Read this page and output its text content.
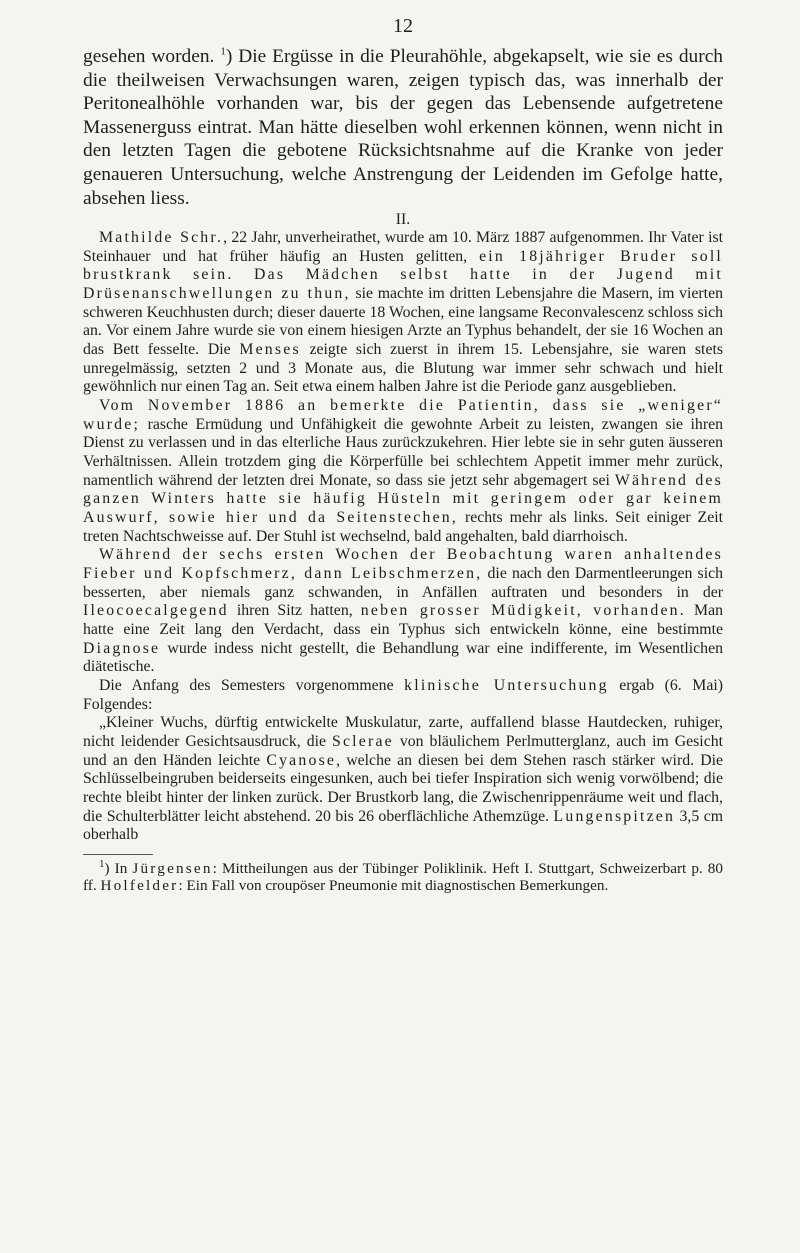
12

gesehen worden. $^1$) Die Ergüsse in die Pleurahöhle, abgekapselt, wie sie es durch die theilweisen Verwachsungen waren, zeigen typisch das, was innerhalb der Peritonealhöhle vorhanden war, bis der gegen das Lebensende aufgetretene Massenerguss eintrat. Man hätte dieselben wohl erkennen können, wenn nicht in den letzten Tagen die gebotene Rücksichtsnahme auf die Kranke von jeder genaueren Untersuchung, welche Anstrengung der Leidenden im Gefolge hatte, absehen liess.

II.

Mathilde Schr., 22 Jahr, unverheirathet, wurde am 10. März 1887 aufgenommen. Ihr Vater ist Steinhauer und hat früher häufig an Husten gelitten, ein 18jähriger Bruder soll brustkrank sein. Das Mädchen selbst hatte in der Jugend mit Drüsenanschwellungen zu thun, sie machte im dritten Lebensjahre die Masern, im vierten schweren Keuchhusten durch; dieser dauerte 18 Wochen, eine langsame Reconvalescenz schloss sich an. Vor einem Jahre wurde sie von einem hiesigen Arzte an Typhus behandelt, der sie 16 Wochen an das Bett fesselte. Die Menses zeigte sich zuerst in ihrem 15. Lebensjahre, sie waren stets unregelmässig, setzten 2 und 3 Monate aus, die Blutung war immer sehr schwach und hielt gewöhnlich nur einen Tag an. Seit etwa einem halben Jahre ist die Periode ganz ausgeblieben.

Vom November 1886 an bemerkte die Patientin, dass sie „weniger“ wurde; rasche Ermüdung und Unfähigkeit die gewohnte Arbeit zu leisten, zwangen sie ihren Dienst zu verlassen und in das elterliche Haus zurückzukehren. Hier lebte sie in sehr guten äusseren Verhältnissen. Allein trotzdem ging die Körperfülle bei schlechtem Appetit immer mehr zurück, namentlich während der letzten drei Monate, so dass sie jetzt sehr abgemagert sei Während des ganzen Winters hatte sie häufig Hüsteln mit geringem oder gar keinem Auswurf, sowie hier und da Seitenstechen, rechts mehr als links. Seit einiger Zeit treten Nachtschweisse auf. Der Stuhl ist wechselnd, bald angehalten, bald diarrhoisch.

Während der sechs ersten Wochen der Beobachtung waren anhaltendes Fieber und Kopfschmerz, dann Leibschmerzen, die nach den Darmentleerungen sich besserten, aber niemals ganz schwanden, in Anfällen auftraten und besonders in der Ileocoecalgegend ihren Sitz hatten, neben grosser Müdigkeit, vorhanden. Man hatte eine Zeit lang den Verdacht, dass ein Typhus sich entwickeln könne, eine bestimmte Diagnose wurde indess nicht gestellt, die Behandlung war eine indifferente, im Wesentlichen diätetische.

Die Anfang des Semesters vorgenommene klinische Untersuchung ergab (6. Mai) Folgendes:

„Kleiner Wuchs, dürftig entwickelte Muskulatur, zarte, auffallend blasse Hautdecken, ruhiger, nicht leidender Gesichtsausdruck, die Sclerae von bläulichem Perlmutterglanz, auch im Gesicht und an den Händen leichte Cyanose, welche an diesen bei dem Stehen rasch stärker wird. Die Schlüsselbeingruben beiderseits eingesunken, auch bei tiefer Inspiration sich wenig vorwölbend; die rechte bleibt hinter der linken zurück. Der Brustkorb lang, die Zwischenrippenräume weit und flach, die Schulterblätter leicht abstehend. 20 bis 26 oberflächliche Athemzüge. Lungenspitzen 3,5 cm oberhalb

$^1$) In Jürgensen: Mittheilungen aus der Tübinger Poliklinik. Heft I. Stuttgart, Schweizerbart p. 80 ff. Holfelder: Ein Fall von croupöser Pneumonie mit diagnostischen Bemerkungen.
